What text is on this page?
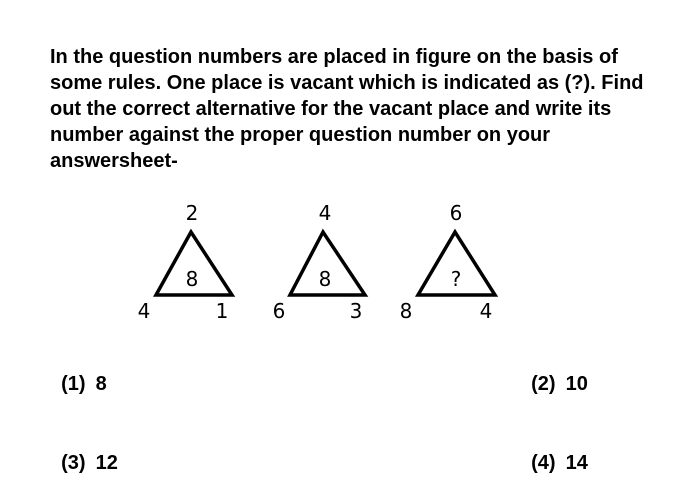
In the question numbers are placed in figure on the basis of some rules. One place is vacant which is indicated as (?). Find out the correct alternative for the vacant place and write its number against the proper question number on your answersheet-

2
8
4	1
4
8
6	3
6
?
8	4

(1) 8	(2) 10

(3) 12	(4) 14
